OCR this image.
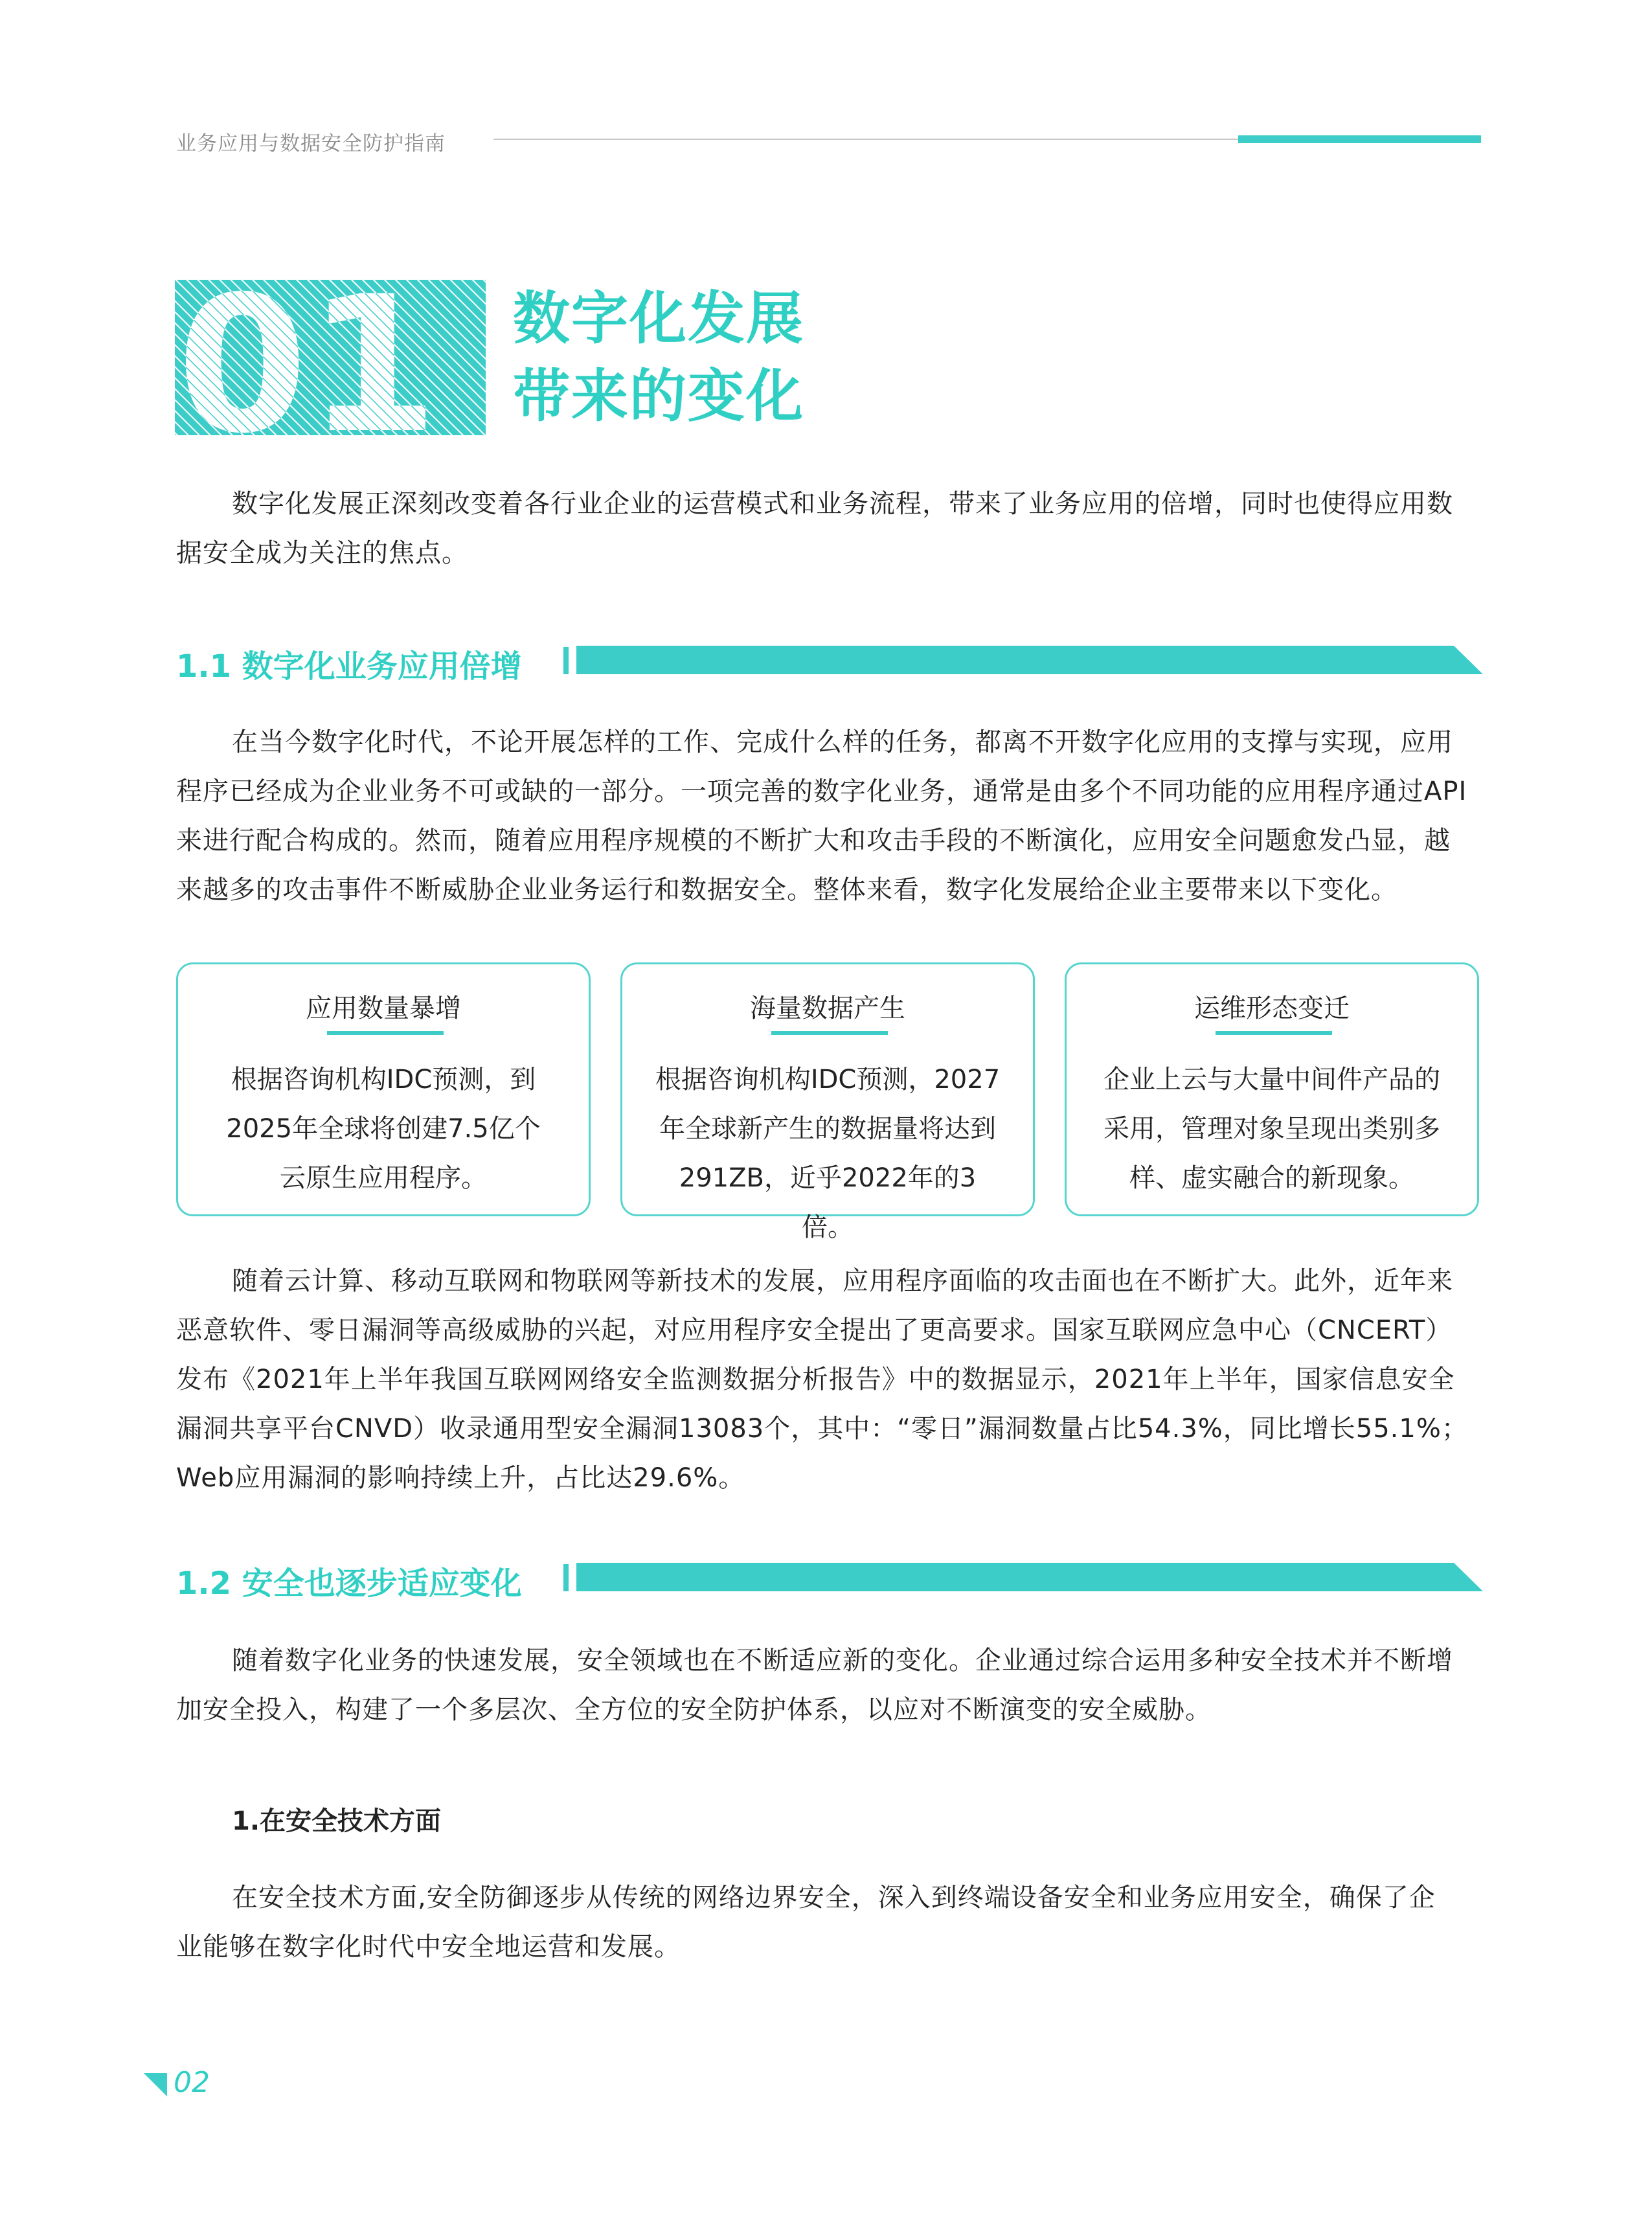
业务应用与数据安全防护指南
01 数字化发展
带来的变化
数字化发展正深刻改变着各行业企业的运营模式和业务流程，带来了业务应用的倍增，同时也使得应用数
据安全成为关注的焦点。
1.1 数字化业务应用倍增
在当今数字化时代，不论开展怎样的工作、完成什么样的任务，都离不开数字化应用的支撑与实现，应用
程序已经成为企业业务不可或缺的一部分。一项完善的数字化业务，通常是由多个不同功能的应用程序通过API
来进行配合构成的。然而，随着应用程序规模的不断扩大和攻击手段的不断演化，应用安全问题愈发凸显，越
来越多的攻击事件不断威胁企业业务运行和数据安全。整体来看，数字化发展给企业主要带来以下变化。
应用数量暴增
根据咨询机构IDC预测，到
2025年全球将创建7.5亿个
云原生应用程序。
海量数据产生
根据咨询机构IDC预测，2027
年全球新产生的数据量将达到
291ZB，近乎2022年的3倍。
运维形态变迁
企业上云与大量中间件产品的
采用，管理对象呈现出类别多
样、虚实融合的新现象。
随着云计算、移动互联网和物联网等新技术的发展，应用程序面临的攻击面也在不断扩大。此外，近年来
恶意软件、零日漏洞等高级威胁的兴起，对应用程序安全提出了更高要求。国家互联网应急中心（CNCERT）
发布《2021年上半年我国互联网网络安全监测数据分析报告》中的数据显示，2021年上半年，国家信息安全
漏洞共享平台CNVD）收录通用型安全漏洞13083个，其中：“零日”漏洞数量占比54.3%，同比增长55.1%；
Web应用漏洞的影响持续上升，占比达29.6%。
1.2 安全也逐步适应变化
随着数字化业务的快速发展，安全领域也在不断适应新的变化。企业通过综合运用多种安全技术并不断增
加安全投入，构建了一个多层次、全方位的安全防护体系，以应对不断演变的安全威胁。
1.在安全技术方面
在安全技术方面,安全防御逐步从传统的网络边界安全，深入到终端设备安全和业务应用安全，确保了企
业能够在数字化时代中安全地运营和发展。
02
